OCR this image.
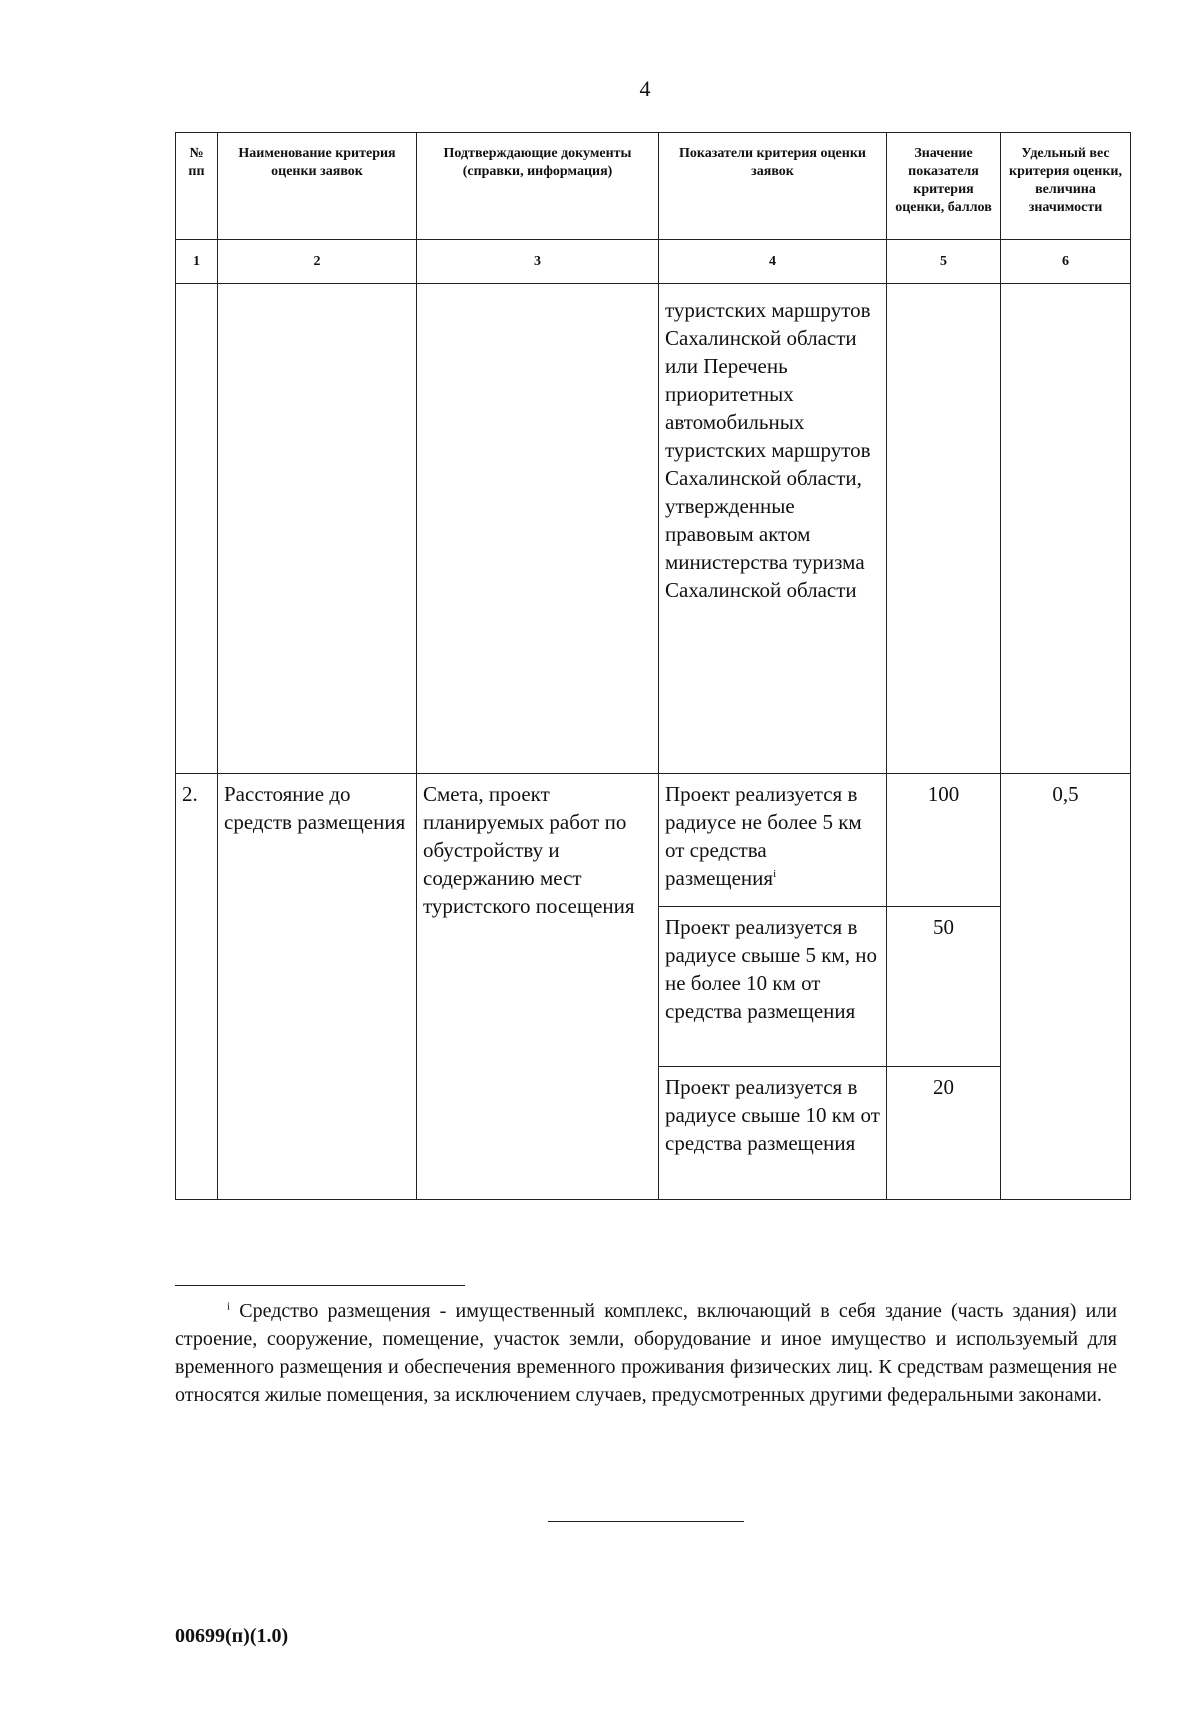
4
№ пп	Наименование критерия оценки заявок	Подтверждающие документы (справки, информация)	Показатели критерия оценки заявок	Значение показателя критерия оценки, баллов	Удельный вес критерия оценки, величина значимости
1	2	3	4	5	6
			туристских маршрутов Сахалинской области или Перечень приоритетных автомобильных туристских маршрутов Сахалинской области, утвержденные правовым актом министерства туризма Сахалинской области		
2.	Расстояние до средств размещения	Смета, проект планируемых работ по обустройству и содержанию мест туристского посещения	Проект реализуется в радиусе не более 5 км от средства размещения$^i$	100	0,5
			Проект реализуется в радиусе свыше 5 км, но не более 10 км от средства размещения	50	
			Проект реализуется в радиусе свыше 10 км от средства размещения	20	

$^i$ Средство размещения - имущественный комплекс, включающий в себя здание (часть здания) или строение, сооружение, помещение, участок земли, оборудование и иное имущество и используемый для временного размещения и обеспечения временного проживания физических лиц. К средствам размещения не относятся жилые помещения, за исключением случаев, предусмотренных другими федеральными законами.

00699(п)(1.0)
